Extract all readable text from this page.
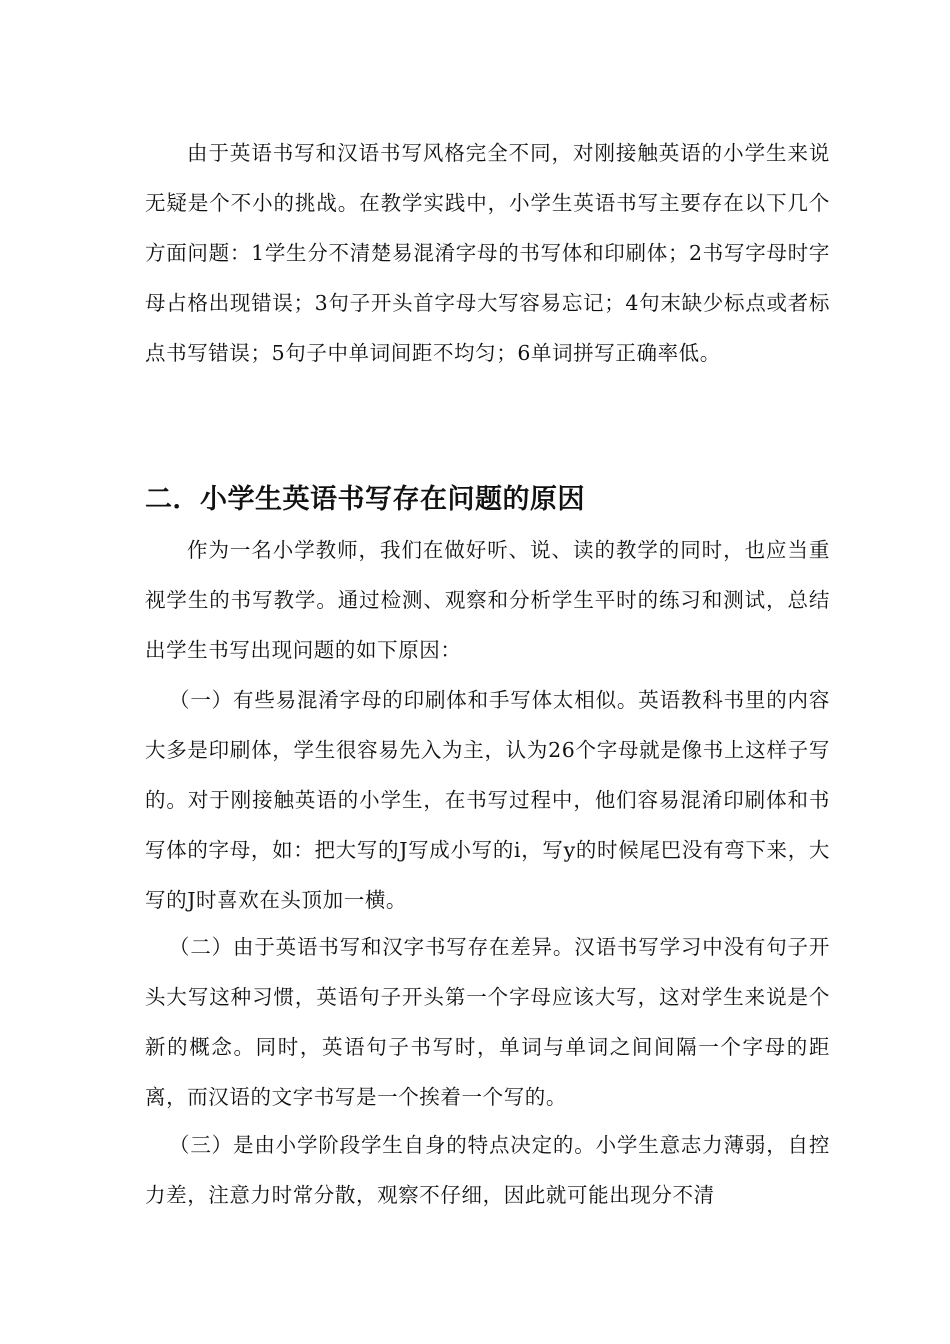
由于英语书写和汉语书写风格完全不同，对刚接触英语的小学生来说无疑是个不小的挑战。在教学实践中，小学生英语书写主要存在以下几个方面问题：1学生分不清楚易混淆字母的书写体和印刷体；2书写字母时字母占格出现错误；3句子开头首字母大写容易忘记；4句末缺少标点或者标点书写错误；5句子中单词间距不均匀；6单词拼写正确率低。

二．小学生英语书写存在问题的原因

作为一名小学教师，我们在做好听、说、读的教学的同时，也应当重视学生的书写教学。通过检测、观察和分析学生平时的练习和测试，总结出学生书写出现问题的如下原因：

（一）有些易混淆字母的印刷体和手写体太相似。英语教科书里的内容大多是印刷体，学生很容易先入为主，认为26个字母就是像书上这样子写的。对于刚接触英语的小学生，在书写过程中，他们容易混淆印刷体和书写体的字母，如：把大写的J写成小写的i，写y的时候尾巴没有弯下来，大写的J时喜欢在头顶加一横。

（二）由于英语书写和汉字书写存在差异。汉语书写学习中没有句子开头大写这种习惯，英语句子开头第一个字母应该大写，这对学生来说是个新的概念。同时，英语句子书写时，单词与单词之间间隔一个字母的距离，而汉语的文字书写是一个挨着一个写的。

（三）是由小学阶段学生自身的特点决定的。小学生意志力薄弱，自控力差，注意力时常分散，观察不仔细，因此就可能出现分不清
